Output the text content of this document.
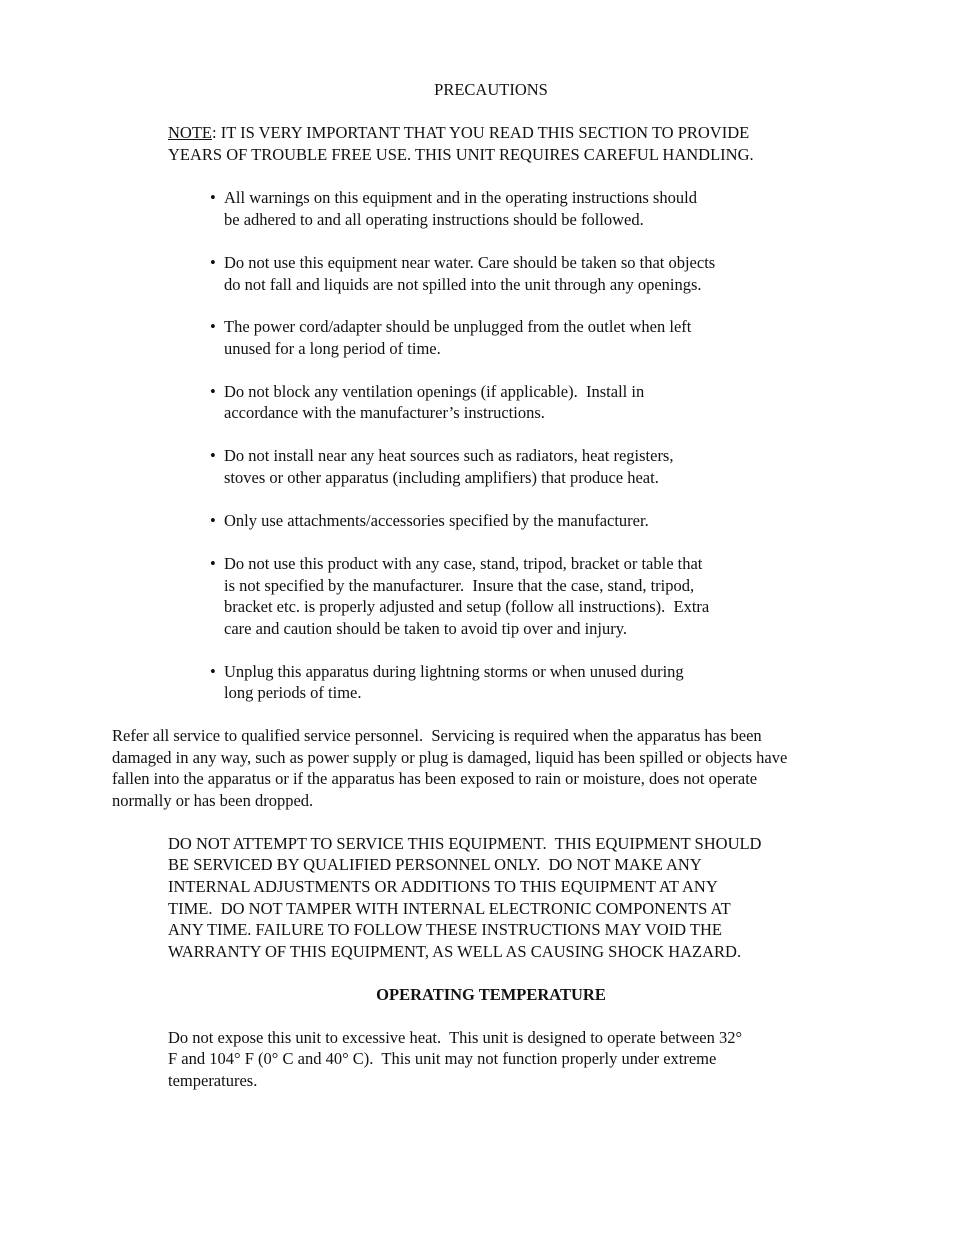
PRECAUTIONS
NOTE: IT IS VERY IMPORTANT THAT YOU READ THIS SECTION TO PROVIDE
YEARS OF TROUBLE FREE USE. THIS UNIT REQUIRES CAREFUL HANDLING.
• All warnings on this equipment and in the operating instructions should
be adhered to and all operating instructions should be followed.
• Do not use this equipment near water. Care should be taken so that objects
do not fall and liquids are not spilled into the unit through any openings.
• The power cord/adapter should be unplugged from the outlet when left
unused for a long period of time.
• Do not block any ventilation openings (if applicable).  Install in
accordance with the manufacturer’s instructions.
• Do not install near any heat sources such as radiators, heat registers,
stoves or other apparatus (including amplifiers) that produce heat.
• Only use attachments/accessories specified by the manufacturer.
• Do not use this product with any case, stand, tripod, bracket or table that
is not specified by the manufacturer.  Insure that the case, stand, tripod,
bracket etc. is properly adjusted and setup (follow all instructions).  Extra
care and caution should be taken to avoid tip over and injury.
• Unplug this apparatus during lightning storms or when unused during
long periods of time.
Refer all service to qualified service personnel.  Servicing is required when the apparatus has been
damaged in any way, such as power supply or plug is damaged, liquid has been spilled or objects have
fallen into the apparatus or if the apparatus has been exposed to rain or moisture, does not operate
normally or has been dropped.
DO NOT ATTEMPT TO SERVICE THIS EQUIPMENT.  THIS EQUIPMENT SHOULD
BE SERVICED BY QUALIFIED PERSONNEL ONLY.  DO NOT MAKE ANY
INTERNAL ADJUSTMENTS OR ADDITIONS TO THIS EQUIPMENT AT ANY
TIME.  DO NOT TAMPER WITH INTERNAL ELECTRONIC COMPONENTS AT
ANY TIME. FAILURE TO FOLLOW THESE INSTRUCTIONS MAY VOID THE
WARRANTY OF THIS EQUIPMENT, AS WELL AS CAUSING SHOCK HAZARD.
OPERATING TEMPERATURE
Do not expose this unit to excessive heat.  This unit is designed to operate between 32°
F and 104° F (0° C and 40° C).  This unit may not function properly under extreme
temperatures.
